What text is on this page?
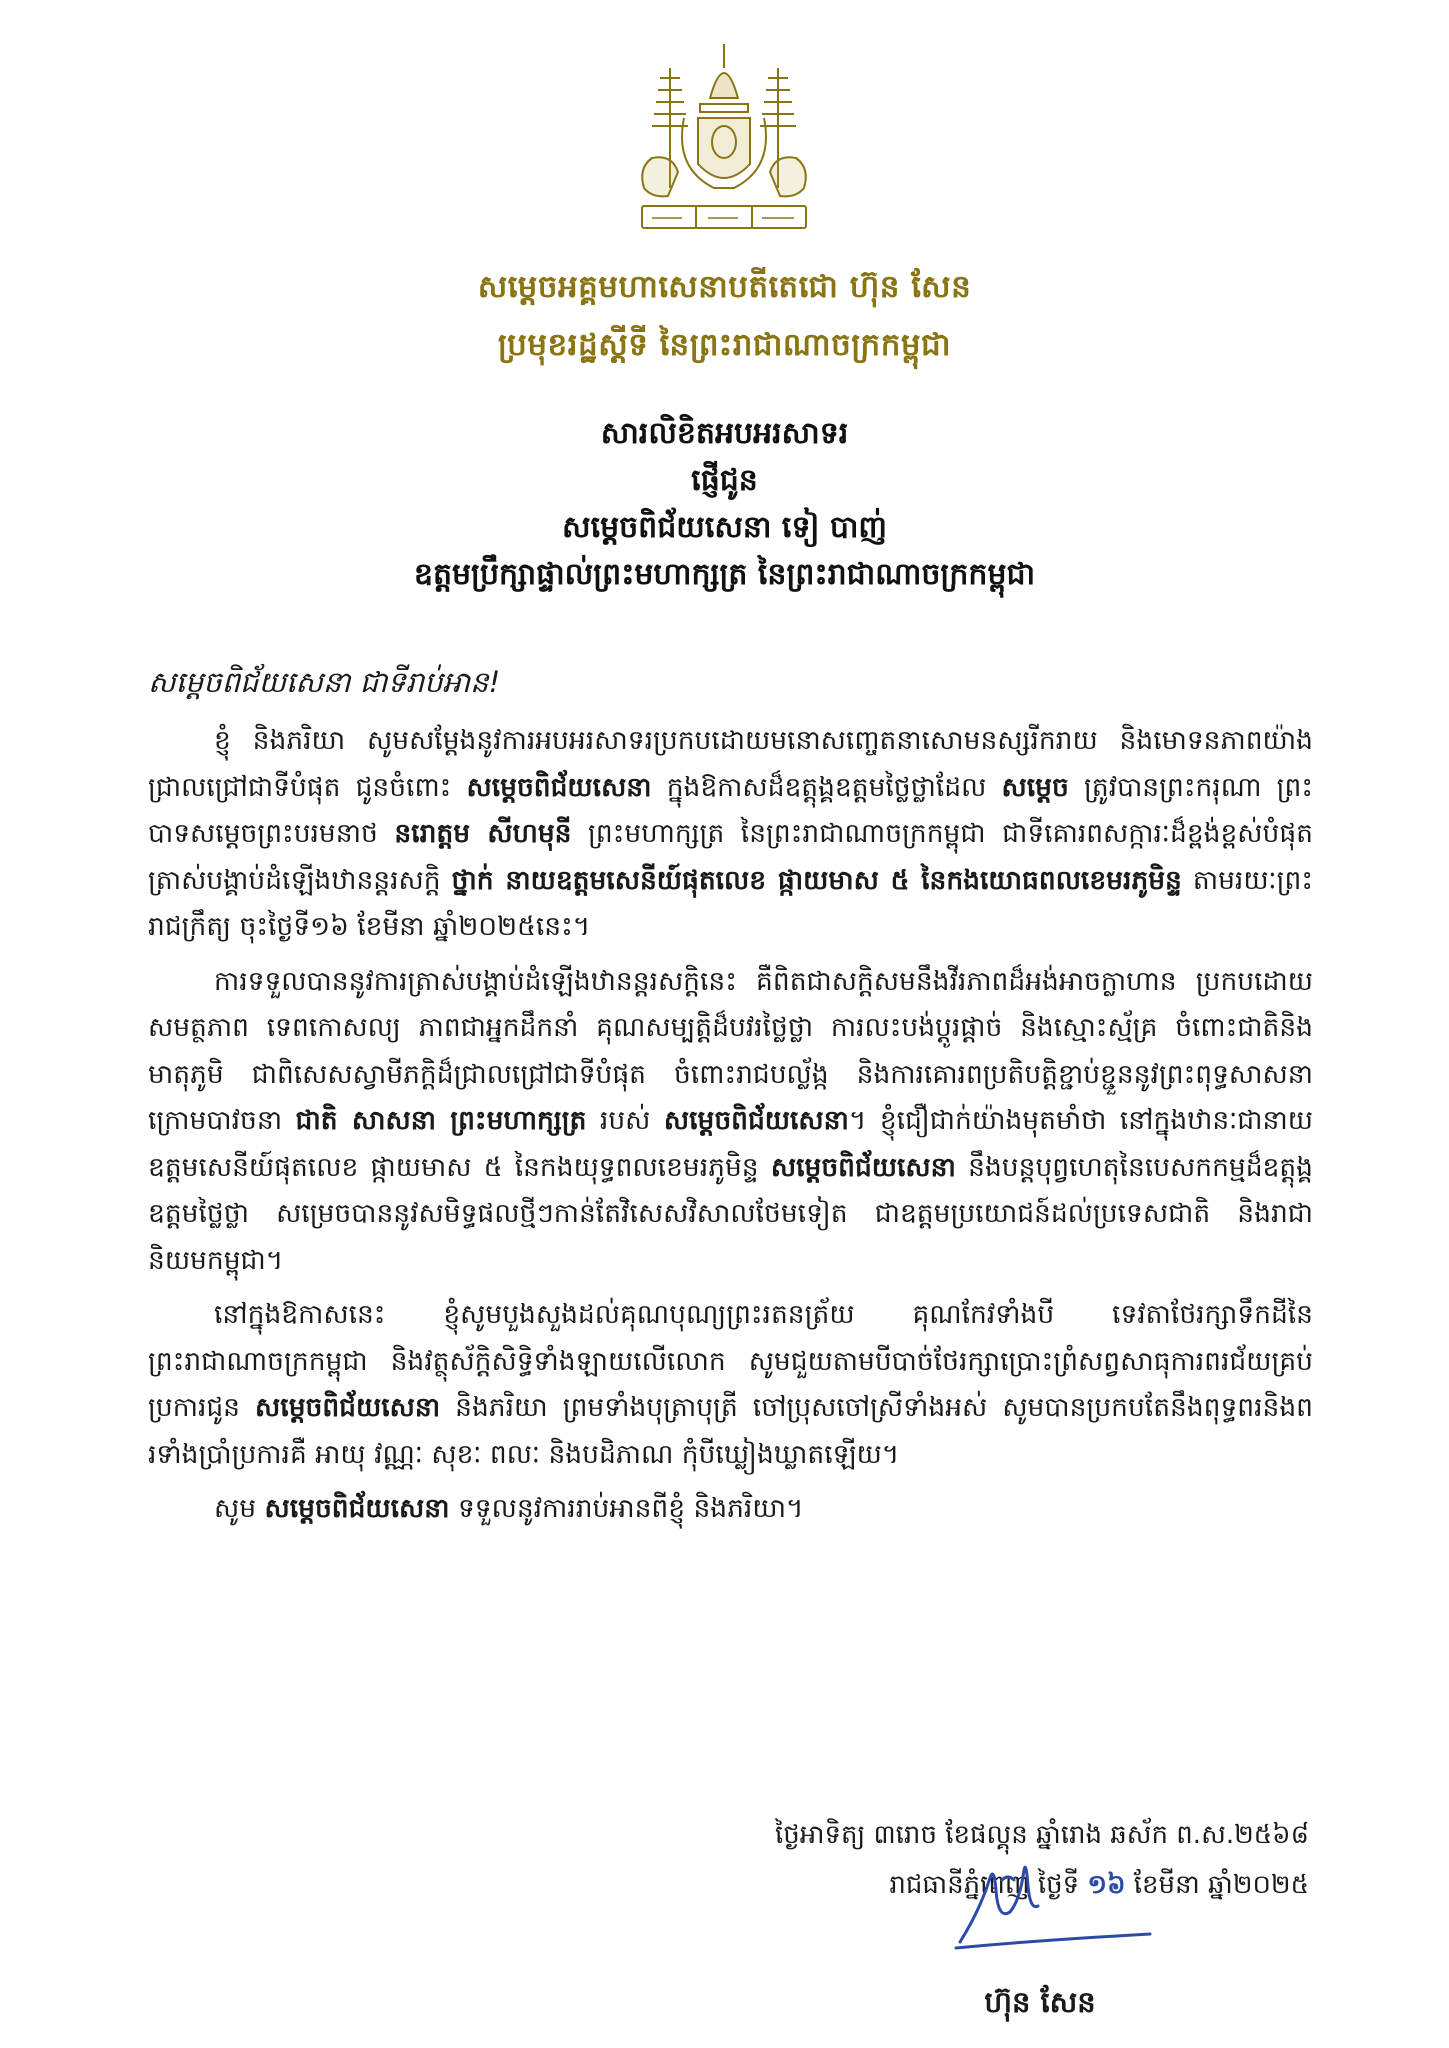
សម្តេចអគ្គមហាសេនាបតីតេជោ ហ៊ុន សែន
ប្រមុខរដ្ឋស្តីទី នៃព្រះរាជាណាចក្រកម្ពុជា
សារលិខិតអបអរសាទរ
ផ្ញើជូន
សម្តេចពិជ័យសេនា ទៀ បាញ់
ឧត្តមប្រឹក្សាផ្ទាល់ព្រះមហាក្សត្រ នៃព្រះរាជាណាចក្រកម្ពុជា
សម្តេចពិជ័យសេនា ជាទីរាប់អាន!

ខ្ញុំ និងភរិយា សូមសម្តែងនូវការអបអរសាទរប្រកបដោយមនោសញ្ចេតនាសោមនស្សរីករាយ និងមោទនភាពយ៉ាងជ្រាលជ្រៅជាទីបំផុត ជូនចំពោះ សម្តេចពិជ័យសេនា ក្នុងឱកាសដ៏ឧត្តុង្គឧត្តមថ្លៃថ្លាដែល សម្តេច ត្រូវបានព្រះករុណា ព្រះបាទសម្តេចព្រះបរមនាថ នរោត្តម សីហមុនី ព្រះមហាក្សត្រ នៃព្រះរាជាណាចក្រកម្ពុជា ជាទីគោរពសក្ការៈដ៏ខ្ពង់ខ្ពស់បំផុត ត្រាស់បង្គាប់ដំឡើងឋានន្តរសក្តិ ថ្នាក់ នាយឧត្តមសេនីយ៍ផុតលេខ ផ្កាយមាស ៥ នៃកងយោធពលខេមរភូមិន្ទ តាមរយៈព្រះរាជក្រឹត្យ ចុះថ្ងៃទី១៦ ខែមីនា ឆ្នាំ២០២៥នេះ។

ការទទួលបាននូវការត្រាស់បង្គាប់ដំឡើងឋានន្តរសក្តិនេះ គឺពិតជាសក្តិសមនឹងវីរភាពដ៏អង់អាចក្លាហាន ប្រកបដោយសមត្ថភាព ទេពកោសល្យ ភាពជាអ្នកដឹកនាំ គុណសម្បត្តិដ៏បវរថ្លៃថ្លា ការលះបង់ប្តូរផ្តាច់ និងស្មោះស្ម័គ្រ ចំពោះជាតិនិងមាតុភូមិ ជាពិសេសស្វាមីភក្តិដ៏ជ្រាលជ្រៅជាទីបំផុត ចំពោះរាជបល្ល័ង្ក និងការគោរពប្រតិបត្តិខ្ជាប់ខ្ជួននូវព្រះពុទ្ធសាសនា ក្រោមបាវចនា ជាតិ សាសនា ព្រះមហាក្សត្រ របស់ សម្តេចពិជ័យសេនា។ ខ្ញុំជឿជាក់យ៉ាងមុតមាំថា នៅក្នុងឋានៈជានាយឧត្តមសេនីយ៍ផុតលេខ ផ្កាយមាស ៥ នៃកងយុទ្ធពលខេមរភូមិន្ទ សម្តេចពិជ័យសេនា នឹងបន្តបុព្វហេតុនៃបេសកកម្មដ៏ឧត្តុង្គឧត្តមថ្លៃថ្លា សម្រេចបាននូវសមិទ្ធផលថ្មីៗកាន់តែវិសេសវិសាលថែមទៀត ជាឧត្តមប្រយោជន៍ដល់ប្រទេសជាតិ និងរាជានិយមកម្ពុជា។

នៅក្នុងឱកាសនេះ ខ្ញុំសូមបួងសួងដល់គុណបុណ្យព្រះរតនត្រ័យ គុណកែវទាំងបី ទេវតាថែរក្សាទឹកដីនៃព្រះរាជាណាចក្រកម្ពុជា និងវត្ថុស័ក្តិសិទ្ធិទាំងឡាយលើលោក សូមជួយតាមបីបាច់ថែរក្សាប្រោះព្រំសព្វសាធុការពរជ័យគ្រប់ប្រការជូន សម្តេចពិជ័យសេនា និងភរិយា ព្រមទាំងបុត្រាបុត្រី ចៅប្រុសចៅស្រីទាំងអស់ សូមបានប្រកបតែនឹងពុទ្ធពរនិងពរទាំងប្រាំប្រការគឺ អាយុ វណ្ណៈ សុខៈ ពលៈ និងបដិភាណ កុំបីឃ្លៀងឃ្លាតឡើយ។

សូម សម្តេចពិជ័យសេនា ទទួលនូវការរាប់អានពីខ្ញុំ និងភរិយា។

ថ្ងៃអាទិត្យ ៣រោច ខែផល្គុន ឆ្នាំរោង ឆស័ក ព.ស.២៥៦៨
រាជធានីភ្នំពេញ ថ្ងៃទី ១៦ ខែមីនា ឆ្នាំ២០២៥
ហ៊ុន សែន
